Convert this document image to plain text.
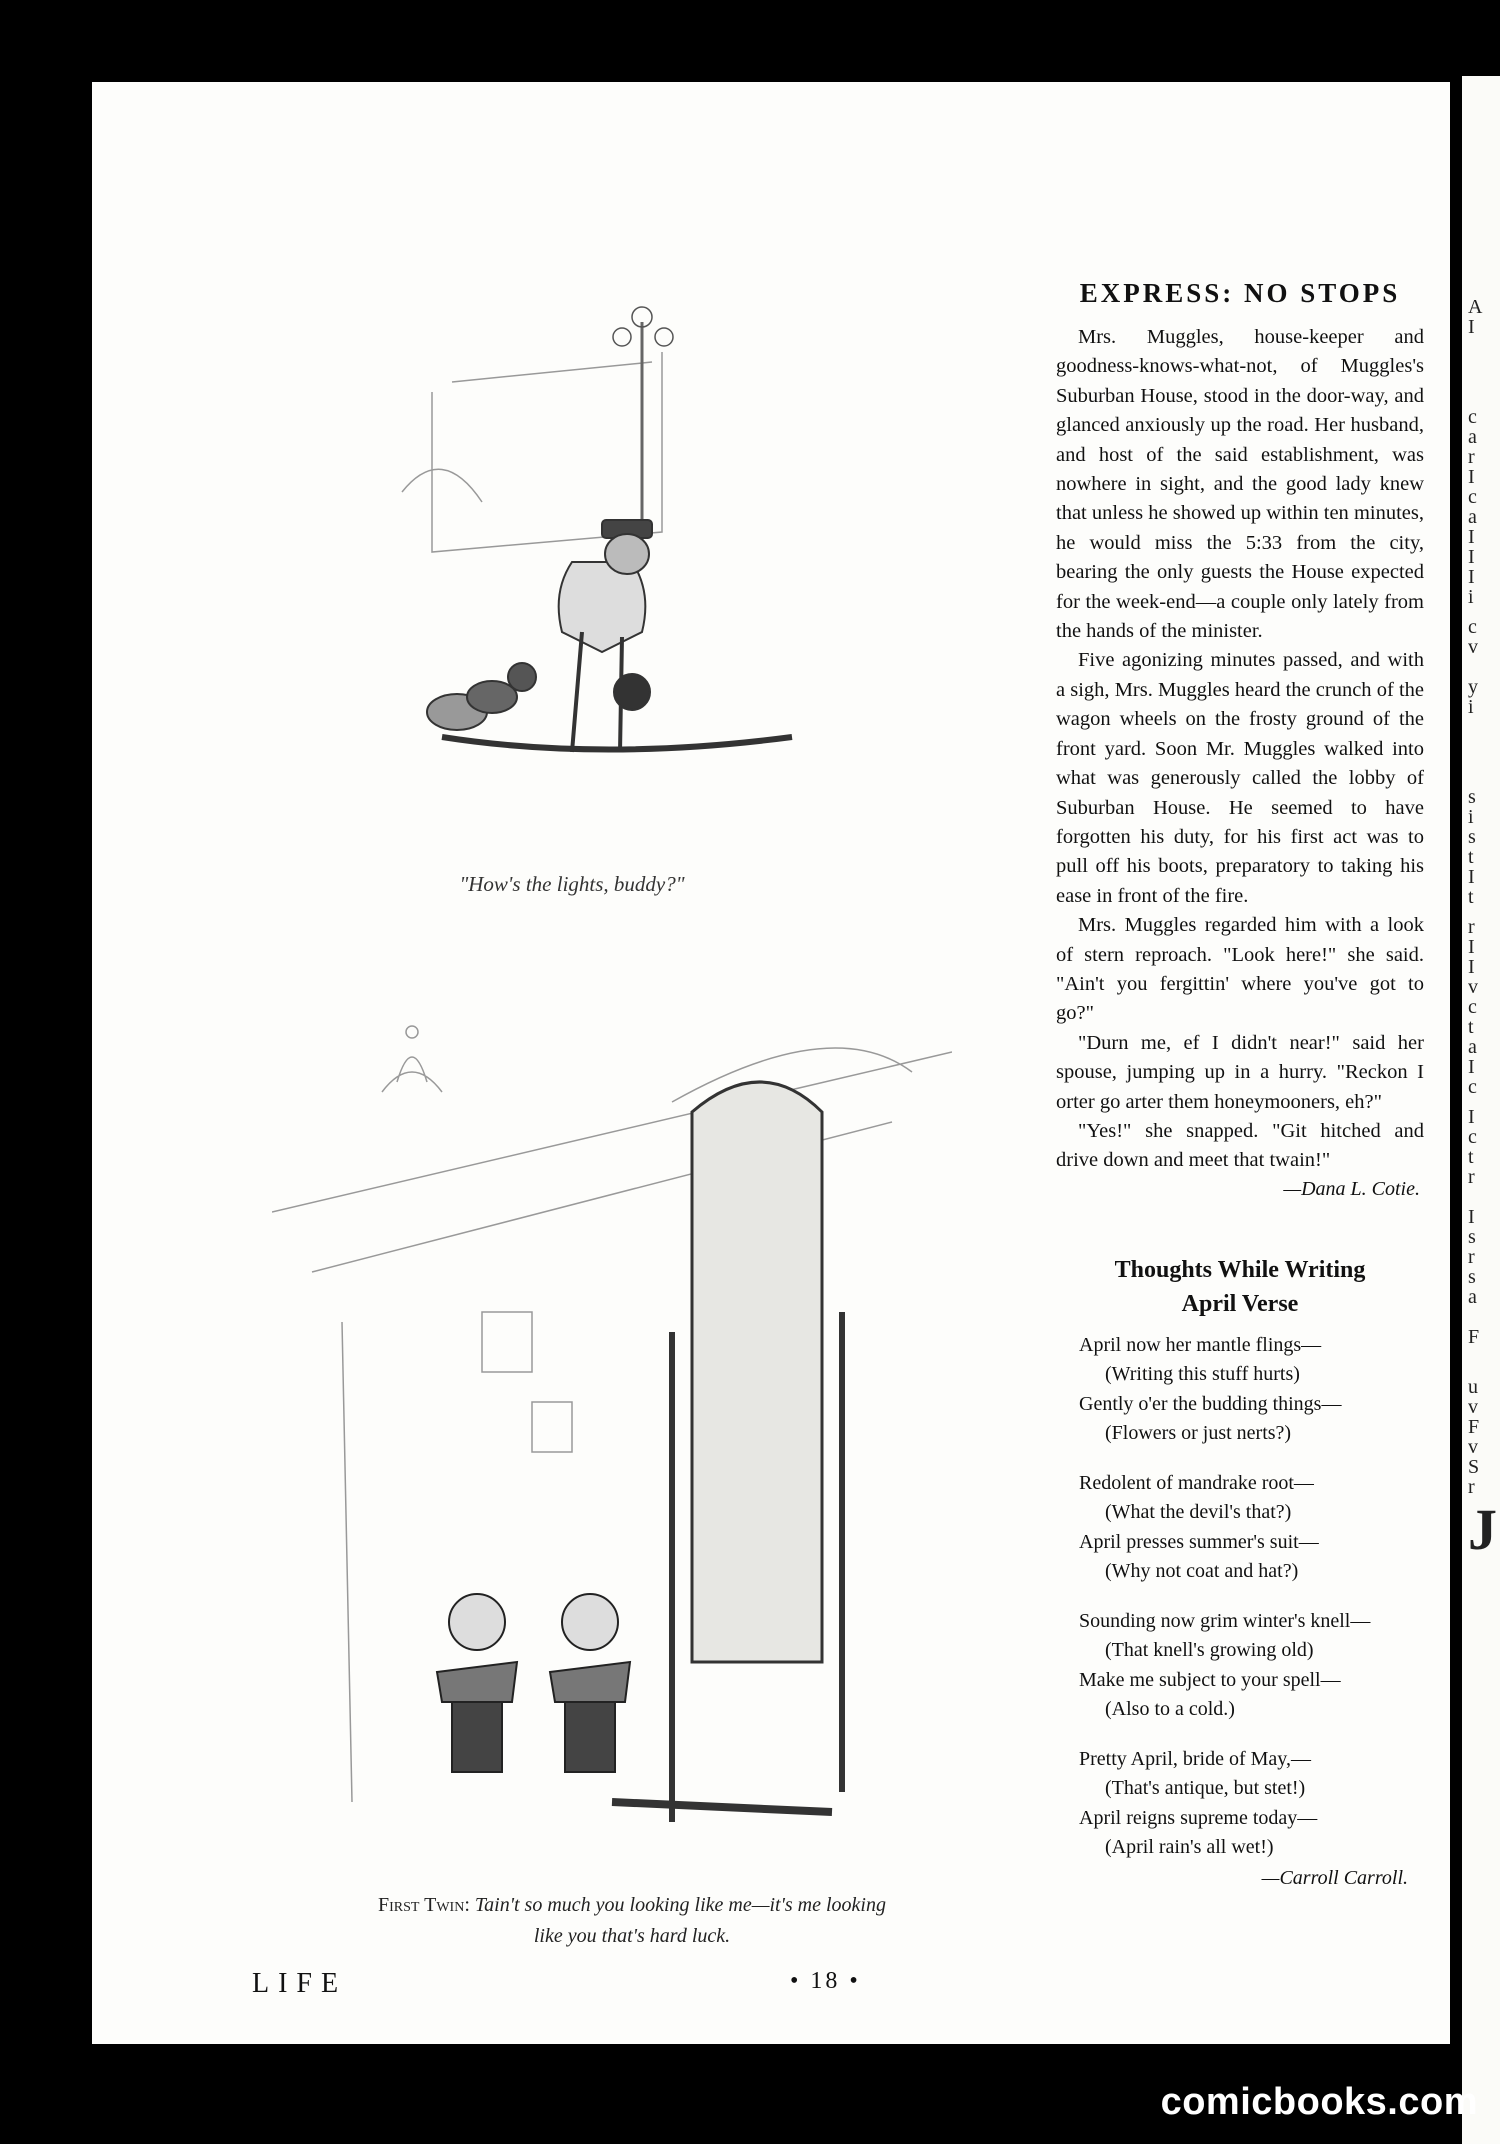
"How's the lights, buddy?"
First Twin: Tain't so much you looking like me—it's me looking
like you that's hard luck.
EXPRESS: NO STOPS

Mrs. Muggles, house-keeper and goodness-knows-what-not, of Muggles's Suburban House, stood in the door-way, and glanced anxiously up the road. Her husband, and host of the said establishment, was nowhere in sight, and the good lady knew that unless he showed up within ten minutes, he would miss the 5:33 from the city, bearing the only guests the House expected for the week-end—a couple only lately from the hands of the minister.

Five agonizing minutes passed, and with a sigh, Mrs. Muggles heard the crunch of the wagon wheels on the frosty ground of the front yard. Soon Mr. Muggles walked into what was generously called the lobby of Suburban House. He seemed to have forgotten his duty, for his first act was to pull off his boots, preparatory to taking his ease in front of the fire.

Mrs. Muggles regarded him with a look of stern reproach. "Look here!" she said. "Ain't you fergittin' where you've got to go?"

"Durn me, ef I didn't near!" said her spouse, jumping up in a hurry. "Reckon I orter go arter them honeymooners, eh?"

"Yes!" she snapped. "Git hitched and drive down and meet that twain!"

—Dana L. Cotie.
Thoughts While Writing
April Verse
April now her mantle flings—
(Writing this stuff hurts)
Gently o'er the budding things—
(Flowers or just nerts?)
Redolent of mandrake root—
(What the devil's that?)
April presses summer's suit—
(Why not coat and hat?)
Sounding now grim winter's knell—
(That knell's growing old)
Make me subject to your spell—
(Also to a cold.)
Pretty April, bride of May,—
(That's antique, but stet!)
April reigns supreme today—
(April rain's all wet!)
—Carroll Carroll.
LIFE	• 18 •
A
I
c
a
r
I
c
a
I
I
I
i
c
v
y
i
s
i
s
t
I
t
r
I
I
v
c
t
a
I
c
I
c
t
r
I
s
r
s
a
F
u
v
F
v
S
r
J
comicbooks.com
